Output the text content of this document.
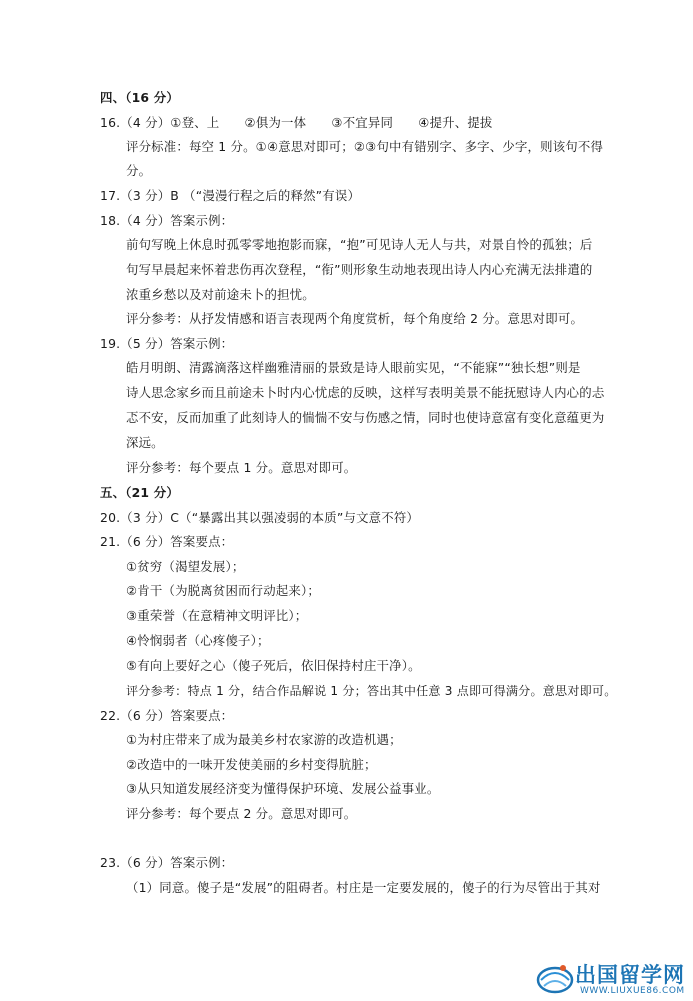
四、（16 分）
16.（4 分）①登、上　　②俱为一体　　③不宜异同　　④提升、提拔
评分标准：每空 1 分。①④意思对即可；②③句中有错别字、多字、少字，则该句不得
分。
17.（3 分）B （“漫漫行程之后的释然”有误）
18.（4 分）答案示例：
前句写晚上休息时孤零零地抱影而寐，“抱”可见诗人无人与共，对景自怜的孤独；后
句写早晨起来怀着悲伤再次登程，“衔”则形象生动地表现出诗人内心充满无法排遣的
浓重乡愁以及对前途未卜的担忧。
评分参考：从抒发情感和语言表现两个角度赏析，每个角度给 2 分。意思对即可。
19.（5 分）答案示例：
皓月明朗、清露滴落这样幽雅清丽的景致是诗人眼前实见，“不能寐”“独长想”则是
诗人思念家乡而且前途未卜时内心忧虑的反映，这样写表明美景不能抚慰诗人内心的忐
忑不安，反而加重了此刻诗人的惴惴不安与伤感之情，同时也使诗意富有变化意蕴更为
深远。
评分参考：每个要点 1 分。意思对即可。
五、（21 分）
20.（3 分）C（“暴露出其以强凌弱的本质”与文意不符）
21.（6 分）答案要点：
①贫穷（渴望发展）；
②肯干（为脱离贫困而行动起来）；
③重荣誉（在意精神文明评比）；
④怜悯弱者（心疼傻子）；
⑤有向上要好之心（傻子死后，依旧保持村庄干净）。
评分参考：特点 1 分，结合作品解说 1 分；答出其中任意 3 点即可得满分。意思对即可。
22.（6 分）答案要点：
①为村庄带来了成为最美乡村农家游的改造机遇；
②改造中的一味开发使美丽的乡村变得肮脏；
③从只知道发展经济变为懂得保护环境、发展公益事业。
评分参考：每个要点 2 分。意思对即可。
23.（6 分）答案示例：
（1）同意。傻子是“发展”的阻碍者。村庄是一定要发展的，傻子的行为尽管出于其对
出国留学网
WWW.LIUXUE86.COM
